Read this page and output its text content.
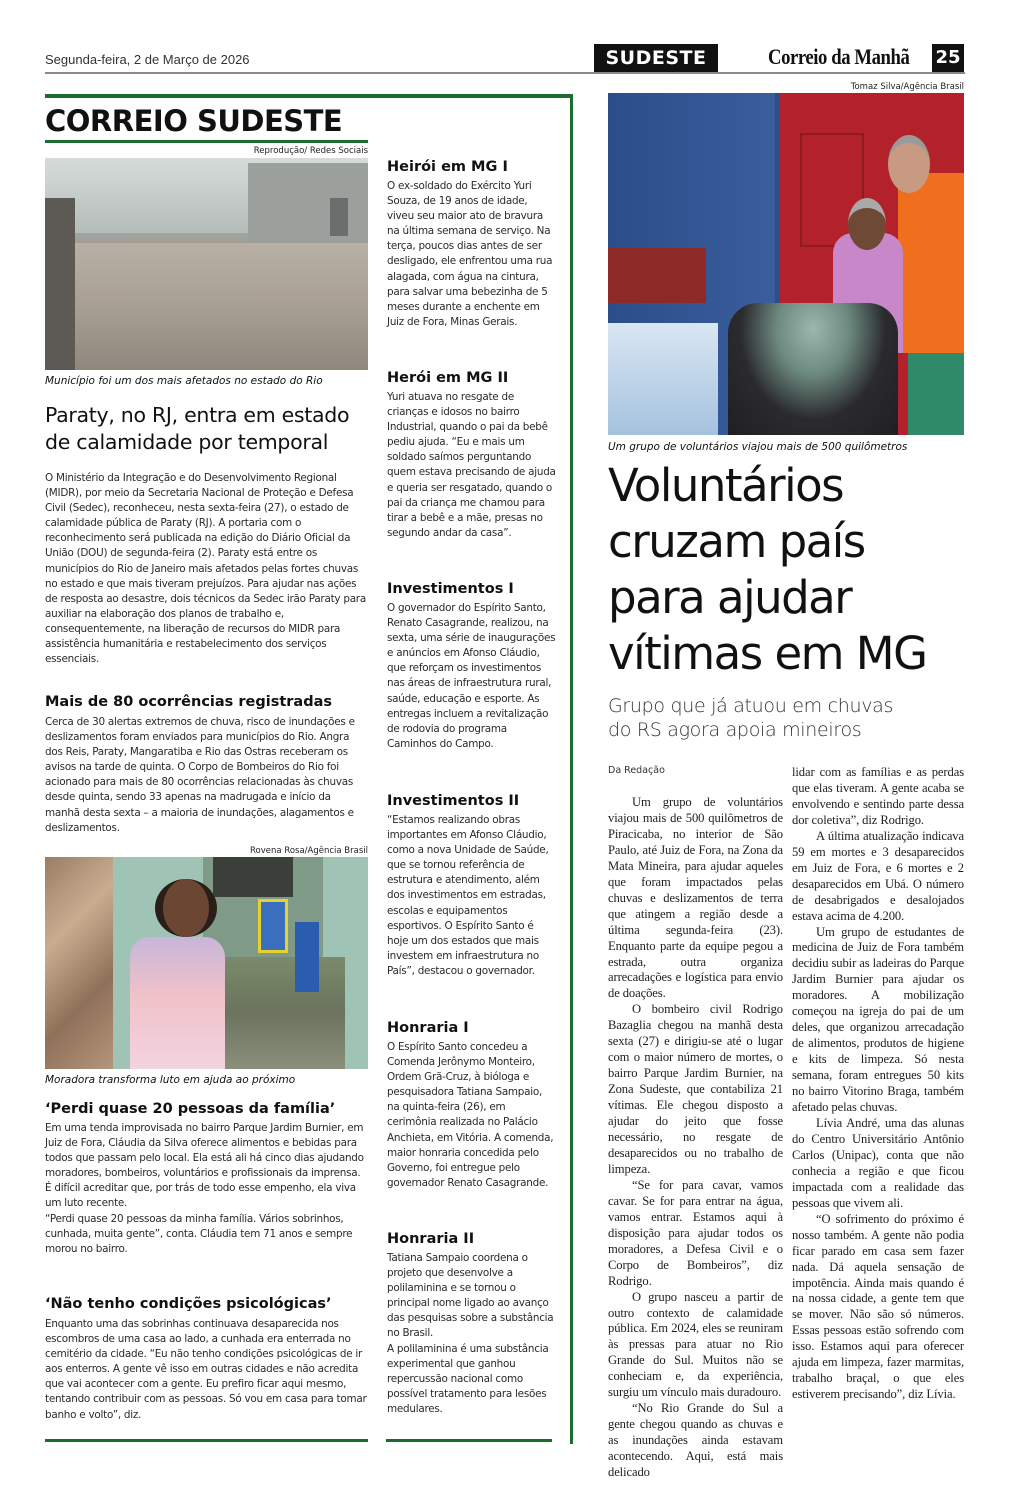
Segunda-feira, 2 de Março de 2026	SUDESTE	Correio da Manhã 25
CORREIO SUDESTE
Reprodução/ Redes Sociais
Município foi um dos mais afetados no estado do Rio
Paraty, no RJ, entra em estado
de calamidade por temporal
O Ministério da Integração e do Desenvolvimento Regional (MIDR), por meio da Secretaria Nacional de Proteção e Defesa Civil (Sedec), reconheceu, nesta sexta-feira (27), o estado de calamidade pública de Paraty (RJ). A portaria com o reconhecimento será publicada na edição do Diário Oficial da União (DOU) de segunda-feira (2). Paraty está entre os municípios do Rio de Janeiro mais afetados pelas fortes chuvas no estado e que mais tiveram prejuízos. Para ajudar nas ações de resposta ao desastre, dois técnicos da Sedec irão Paraty para auxiliar na elaboração dos planos de trabalho e, consequentemente, na liberação de recursos do MIDR para assistência humanitária e restabelecimento dos serviços essenciais.
Mais de 80 ocorrências registradas
Cerca de 30 alertas extremos de chuva, risco de inundações e deslizamentos foram enviados para municípios do Rio. Angra dos Reis, Paraty, Mangaratiba e Rio das Ostras receberam os avisos na tarde de quinta. O Corpo de Bombeiros do Rio foi acionado para mais de 80 ocorrências relacionadas às chuvas desde quinta, sendo 33 apenas na madrugada e início da manhã desta sexta – a maioria de inundações, alagamentos e deslizamentos.
Rovena Rosa/Agência Brasil
Moradora transforma luto em ajuda ao próximo
‘Perdi quase 20 pessoas da família’

Em uma tenda improvisada no bairro Parque Jardim Burnier, em Juiz de Fora, Cláudia da Silva oferece alimentos e bebidas para todos que passam pelo local. Ela está ali há cinco dias ajudando moradores, bombeiros, voluntários e profissionais da imprensa.

É difícil acreditar que, por trás de todo esse empenho, ela viva um luto recente.

“Perdi quase 20 pessoas da minha família. Vários sobrinhos, cunhada, muita gente”, conta. Cláudia tem 71 anos e sempre morou no bairro.

‘Não tenho condições psicológicas’
Enquanto uma das sobrinhas continuava desaparecida nos escombros de uma casa ao lado, a cunhada era enterrada no cemitério da cidade. “Eu não tenho condições psicológicas de ir aos enterros. A gente vê isso em outras cidades e não acredita que vai acontecer com a gente. Eu prefiro ficar aqui mesmo, tentando contribuir com as pessoas. Só vou em casa para tomar banho e volto”, diz.
Heirói em MG I
O ex-soldado do Exército Yuri Souza, de 19 anos de idade, viveu seu maior ato de bravura na última semana de serviço. Na terça, poucos dias antes de ser desligado, ele enfrentou uma rua alagada, com água na cintura, para salvar uma bebezinha de 5 meses durante a enchente em Juiz de Fora, Minas Gerais.
Herói em MG II
Yuri atuava no resgate de crianças e idosos no bairro Industrial, quando o pai da bebê pediu ajuda. “Eu e mais um soldado saímos perguntando quem estava precisando de ajuda e queria ser resgatado, quando o pai da criança me chamou para tirar a bebê e a mãe, presas no segundo andar da casa”.
Investimentos I
O governador do Espírito Santo, Renato Casagrande, realizou, na sexta, uma série de inaugurações e anúncios em Afonso Cláudio, que reforçam os investimentos nas áreas de infraestrutura rural, saúde, educação e esporte. As entregas incluem a revitalização de rodovia do programa Caminhos do Campo.
Investimentos II
“Estamos realizando obras importantes em Afonso Cláudio, como a nova Unidade de Saúde, que se tornou referência de estrutura e atendimento, além dos investimentos em estradas, escolas e equipamentos esportivos. O Espírito Santo é hoje um dos estados que mais investem em infraestrutura no País”, destacou o governador.
Honraria I
O Espírito Santo concedeu a Comenda Jerônymo Monteiro, Ordem Grã-Cruz, à bióloga e pesquisadora Tatiana Sampaio, na quinta-feira (26), em cerimônia realizada no Palácio Anchieta, em Vitória. A comenda, maior honraria concedida pelo Governo, foi entregue pelo governador Renato Casagrande.
Honraria II

Tatiana Sampaio coordena o projeto que desenvolve a polilaminina e se tornou o principal nome ligado ao avanço das pesquisas sobre a substância no Brasil.

A polilaminina é uma substância experimental que ganhou repercussão nacional como possível tratamento para lesões medulares.

Tomaz Silva/Agência Brasil
Um grupo de voluntários viajou mais de 500 quilômetros
Voluntários
cruzam país
para ajudar
vítimas em MG
Grupo que já atuou em chuvas
do RS agora apoia mineiros
Da Redação

Um grupo de voluntários viajou mais de 500 quilômetros de Piracicaba, no interior de São Paulo, até Juiz de Fora, na Zona da Mata Mineira, para ajudar aqueles que foram impactados pelas chuvas e deslizamentos de terra que atingem a região desde a última segunda-feira (23). Enquanto parte da equipe pegou a estrada, outra organiza arrecadações e logística para envio de doações.

O bombeiro civil Rodrigo Bazaglia chegou na manhã desta sexta (27) e dirigiu-se até o lugar com o maior número de mortes, o bairro Parque Jardim Burnier, na Zona Sudeste, que contabiliza 21 vítimas. Ele chegou disposto a ajudar do jeito que fosse necessário, no resgate de desaparecidos ou no trabalho de limpeza.

“Se for para cavar, vamos cavar. Se for para entrar na água, vamos entrar. Estamos aqui à disposição para ajudar todos os moradores, a Defesa Civil e o Corpo de Bombeiros”, diz Rodrigo.

O grupo nasceu a partir de outro contexto de calamidade pública. Em 2024, eles se reuniram às pressas para atuar no Rio Grande do Sul. Muitos não se conheciam e, da experiência, surgiu um vínculo mais duradouro.

“No Rio Grande do Sul a gente chegou quando as chuvas e as inundações ainda estavam acontecendo. Aqui, está mais delicado

lidar com as famílias e as perdas que elas tiveram. A gente acaba se envolvendo e sentindo parte dessa dor coletiva”, diz Rodrigo.

A última atualização indicava 59 em mortes e 3 desaparecidos em Juiz de Fora, e 6 mortes e 2 desaparecidos em Ubá. O número de desabrigados e desalojados estava acima de 4.200.

Um grupo de estudantes de medicina de Juiz de Fora também decidiu subir as ladeiras do Parque Jardim Burnier para ajudar os moradores. A mobilização começou na igreja do pai de um deles, que organizou arrecadação de alimentos, produtos de higiene e kits de limpeza. Só nesta semana, foram entregues 50 kits no bairro Vitorino Braga, também afetado pelas chuvas.

Lívia André, uma das alunas do Centro Universitário Antônio Carlos (Unipac), conta que não conhecia a região e que ficou impactada com a realidade das pessoas que vivem ali.

“O sofrimento do próximo é nosso também. A gente não podia ficar parado em casa sem fazer nada. Dá aquela sensação de impotência. Ainda mais quando é na nossa cidade, a gente tem que se mover. Não são só números. Essas pessoas estão sofrendo com isso. Estamos aqui para oferecer ajuda em limpeza, fazer marmitas, trabalho braçal, o que eles estiverem precisando”, diz Lívia.
